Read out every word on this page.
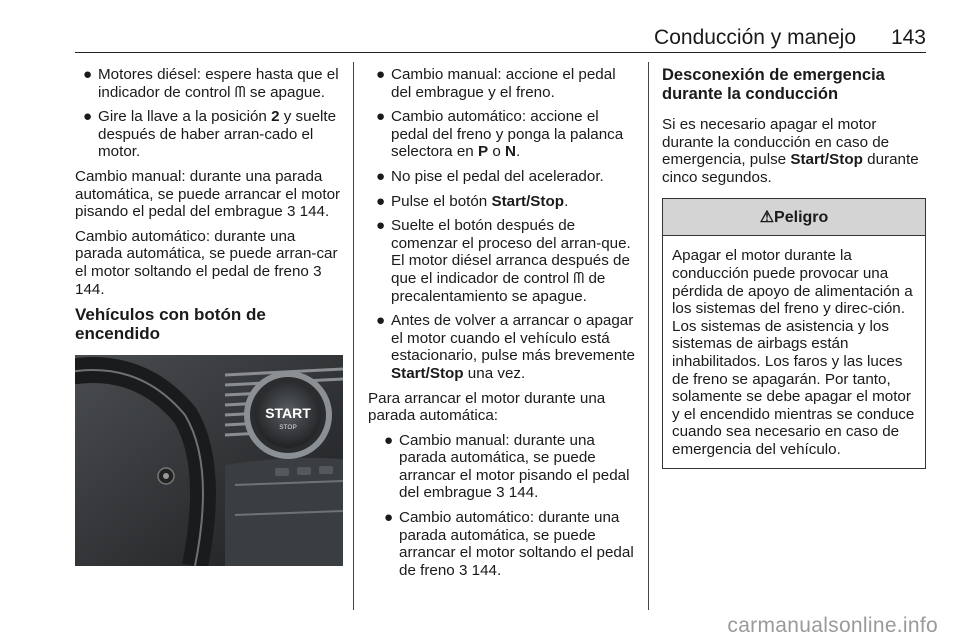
Conducción y manejo 143
● Motores diésel: espere hasta que el indicador de control ᗰ se apague.
● Gire la llave a la posición 2 y suelte después de haber arran-cado el motor.
Cambio manual: durante una parada automática, se puede arrancar el motor pisando el pedal del embrague 3 144.
Cambio automático: durante una parada automática, se puede arran-car el motor soltando el pedal de freno 3 144.
Vehículos con botón de encendido
START
STOP
● Cambio manual: accione el pedal del embrague y el freno.
● Cambio automático: accione el pedal del freno y ponga la palanca selectora en P o N.
● No pise el pedal del acelerador.
● Pulse el botón Start/Stop.
● Suelte el botón después de comenzar el proceso del arran-que. El motor diésel arranca después de que el indicador de control ᗰ de precalentamiento se apague.
● Antes de volver a arrancar o apagar el motor cuando el vehículo está estacionario, pulse más brevemente Start/Stop una vez.
Para arrancar el motor durante una parada automática:
● Cambio manual: durante una parada automática, se puede arrancar el motor pisando el pedal del embrague 3 144.
● Cambio automático: durante una parada automática, se puede arrancar el motor soltando el pedal de freno 3 144.
Desconexión de emergencia durante la conducción
Si es necesario apagar el motor durante la conducción en caso de emergencia, pulse Start/Stop durante cinco segundos.
⚠ Peligro
Apagar el motor durante la conducción puede provocar una pérdida de apoyo de alimentación a los sistemas del freno y direc-ción. Los sistemas de asistencia y los sistemas de airbags están inhabilitados. Los faros y las luces de freno se apagarán. Por tanto, solamente se debe apagar el motor y el encendido mientras se conduce cuando sea necesario en caso de emergencia del vehículo.
carmanualsonline.info
